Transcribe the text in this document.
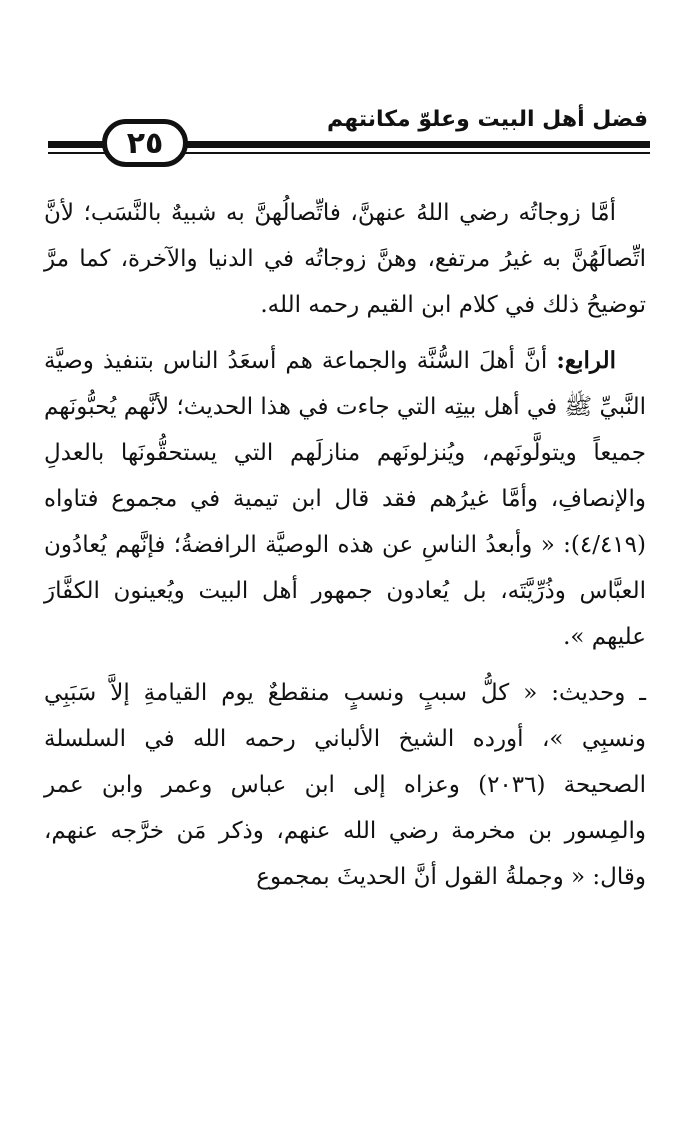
فضل أهل البيت وعلوّ مكانتهم
٢٥

أمَّا زوجاتُه رضي اللهُ عنهنَّ، فاتِّصالُهنَّ به شبيهٌ بالنَّسَب؛ لأنَّ اتِّصالَهُنَّ به غيرُ مرتفع، وهنَّ زوجاتُه في الدنيا والآخرة، كما مرَّ توضيحُ ذلك في كلام ابن القيم رحمه الله.

الرابع: أنَّ أهلَ السُّنَّة والجماعة هم أسعَدُ الناس بتنفيذ وصيَّة النَّبيِّ ﷺ في أهل بيتِه التي جاءت في هذا الحديث؛ لأنَّهم يُحبُّونَهم جميعاً ويتولَّونَهم، ويُنزلونَهم منازلَهم التي يستحقُّونَها بالعدلِ والإنصافِ، وأمَّا غيرُهم فقد قال ابن تيمية في مجموع فتاواه (٤/٤١٩): « وأبعدُ الناسِ عن هذه الوصيَّة الرافضةُ؛ فإنَّهم يُعادُون العبَّاس وذُرِّيَّتَه، بل يُعادون جمهور أهل البيت ويُعينون الكفَّارَ عليهم ».

ـ وحديث: « كلُّ سببٍ ونسبٍ منقطعٌ يوم القيامةِ إلاَّ سَبَبِي ونسبِي »، أورده الشيخ الألباني رحمه الله في السلسلة الصحيحة (٢٠٣٦) وعزاه إلى ابن عباس وعمر وابن عمر والمِسور بن مخرمة رضي الله عنهم، وذكر مَن خرَّجه عنهم، وقال: « وجملةُ القول أنَّ الحديثَ بمجموع
